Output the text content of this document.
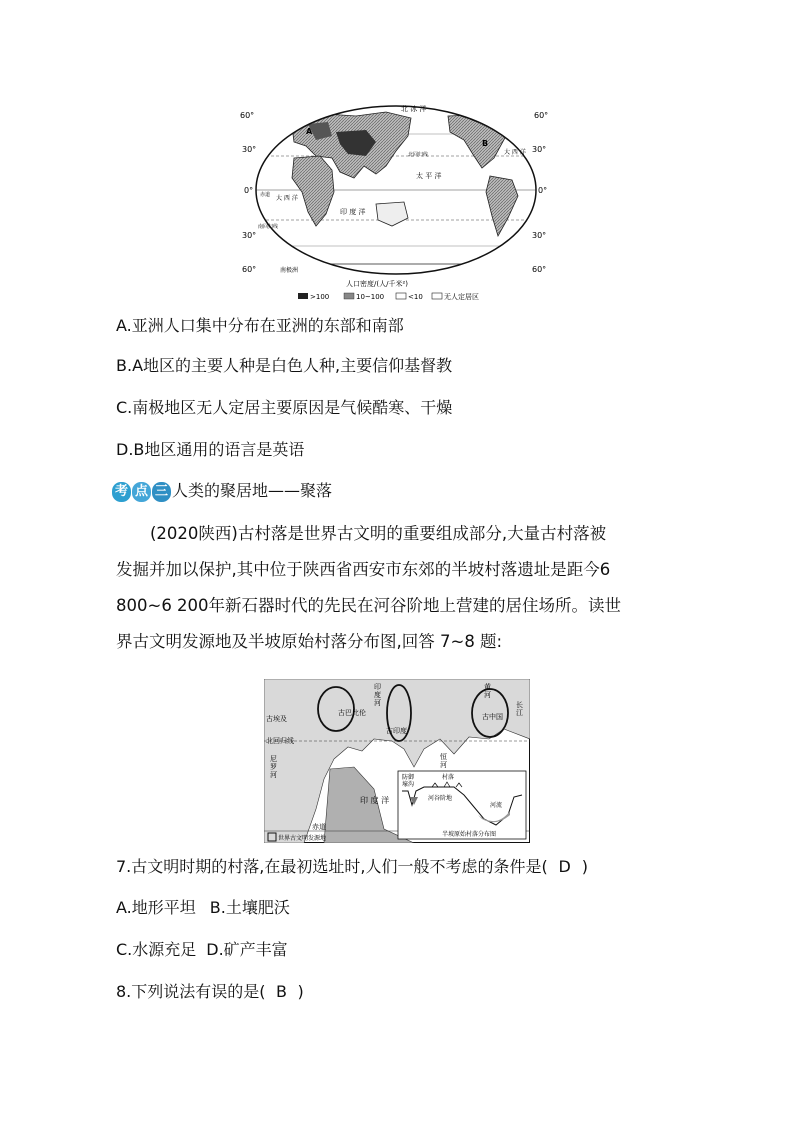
60°
30°
0°
30°
60°
60°
30°
0°
30°
60°
北 冰 洋
太 平 洋
大 西 洋
印 度 洋
大 西 洋
南极洲
北回归线
南回归线
赤道
A
B
人口密度/(人/千米²)
>100	10~100	<10	无人定居区
A.亚洲人口集中分布在亚洲的东部和南部
B.A地区的主要人种是白色人种,主要信仰基督教
C.南极地区无人定居主要原因是气候酷寒、干燥
D.B地区通用的语言是英语
考 点 三 人类的聚居地——聚落
(2020陕西)古村落是世界古文明的重要组成部分,大量古村落被
发掘并加以保护,其中位于陕西省西安市东郊的半坡村落遗址是距今6
800~6 200年新石器时代的先民在河谷阶地上营建的居住场所。读世
界古文明发源地及半坡原始村落分布图,回答 7~8 题:
古埃及
北回归线
尼罗河
古巴比伦
古印度
古中国
印度河
恒河
黄河
长江
印 度 洋
赤道
世界古文明发源地
防御壕沟
村落
河谷阶地
河流
半坡原始村落分布图
7.古文明时期的村落,在最初选址时,人们一般不考虑的条件是( D )
A.地形平坦 B.土壤肥沃
C.水源充足 D.矿产丰富
8.下列说法有误的是( B )
